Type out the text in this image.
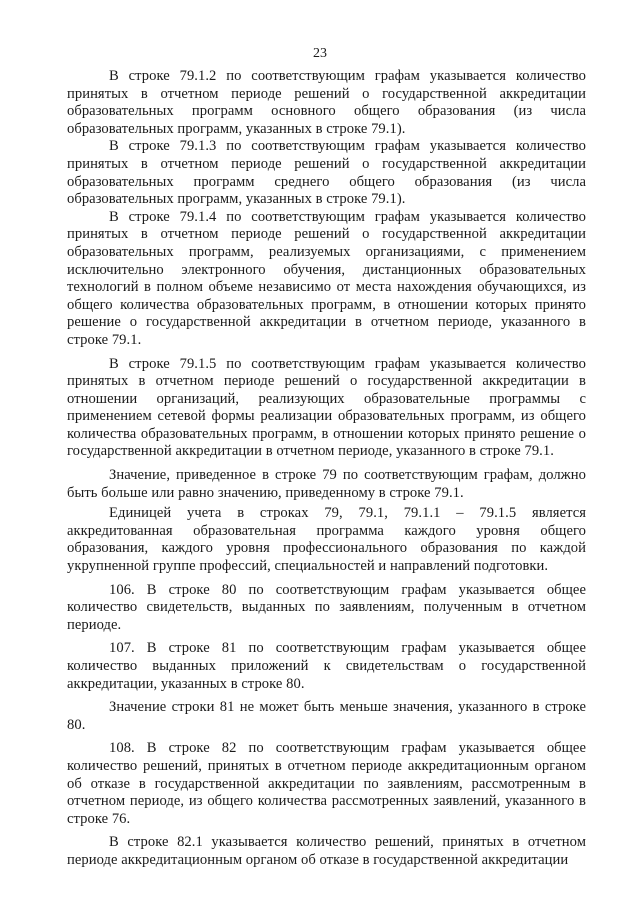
23

В строке 79.1.2 по соответствующим графам указывается количество принятых в отчетном периоде решений о государственной аккредитации образовательных программ основного общего образования (из числа образовательных программ, указанных в строке 79.1).

В строке 79.1.3 по соответствующим графам указывается количество принятых в отчетном периоде решений о государственной аккредитации образовательных программ среднего общего образования (из числа образовательных программ, указанных в строке 79.1).

В строке 79.1.4 по соответствующим графам указывается количество принятых в отчетном периоде решений о государственной аккредитации образовательных программ, реализуемых организациями, с применением исключительно электронного обучения, дистанционных образовательных технологий в полном объеме независимо от места нахождения обучающихся, из общего количества образовательных программ, в отношении которых принято решение о государственной аккредитации в отчетном периоде, указанного в строке 79.1.

В строке 79.1.5 по соответствующим графам указывается количество принятых в отчетном периоде решений о государственной аккредитации в отношении организаций, реализующих образовательные программы с применением сетевой формы реализации образовательных программ, из общего количества образовательных программ, в отношении которых принято решение о государственной аккредитации в отчетном периоде, указанного в строке 79.1.

Значение, приведенное в строке 79 по соответствующим графам, должно быть больше или равно значению, приведенному в строке 79.1.

Единицей учета в строках 79, 79.1, 79.1.1 – 79.1.5 является аккредитованная образовательная программа каждого уровня общего образования, каждого уровня профессионального образования по каждой укрупненной группе профессий, специальностей и направлений подготовки.

106. В строке 80 по соответствующим графам указывается общее количество свидетельств, выданных по заявлениям, полученным в отчетном периоде.

107. В строке 81 по соответствующим графам указывается общее количество выданных приложений к свидетельствам о государственной аккредитации, указанных в строке 80.

Значение строки 81 не может быть меньше значения, указанного в строке 80.

108. В строке 82 по соответствующим графам указывается общее количество решений, принятых в отчетном периоде аккредитационным органом об отказе в государственной аккредитации по заявлениям, рассмотренным в отчетном периоде, из общего количества рассмотренных заявлений, указанного в строке 76.

В строке 82.1 указывается количество решений, принятых в отчетном периоде аккредитационным органом об отказе в государственной аккредитации
